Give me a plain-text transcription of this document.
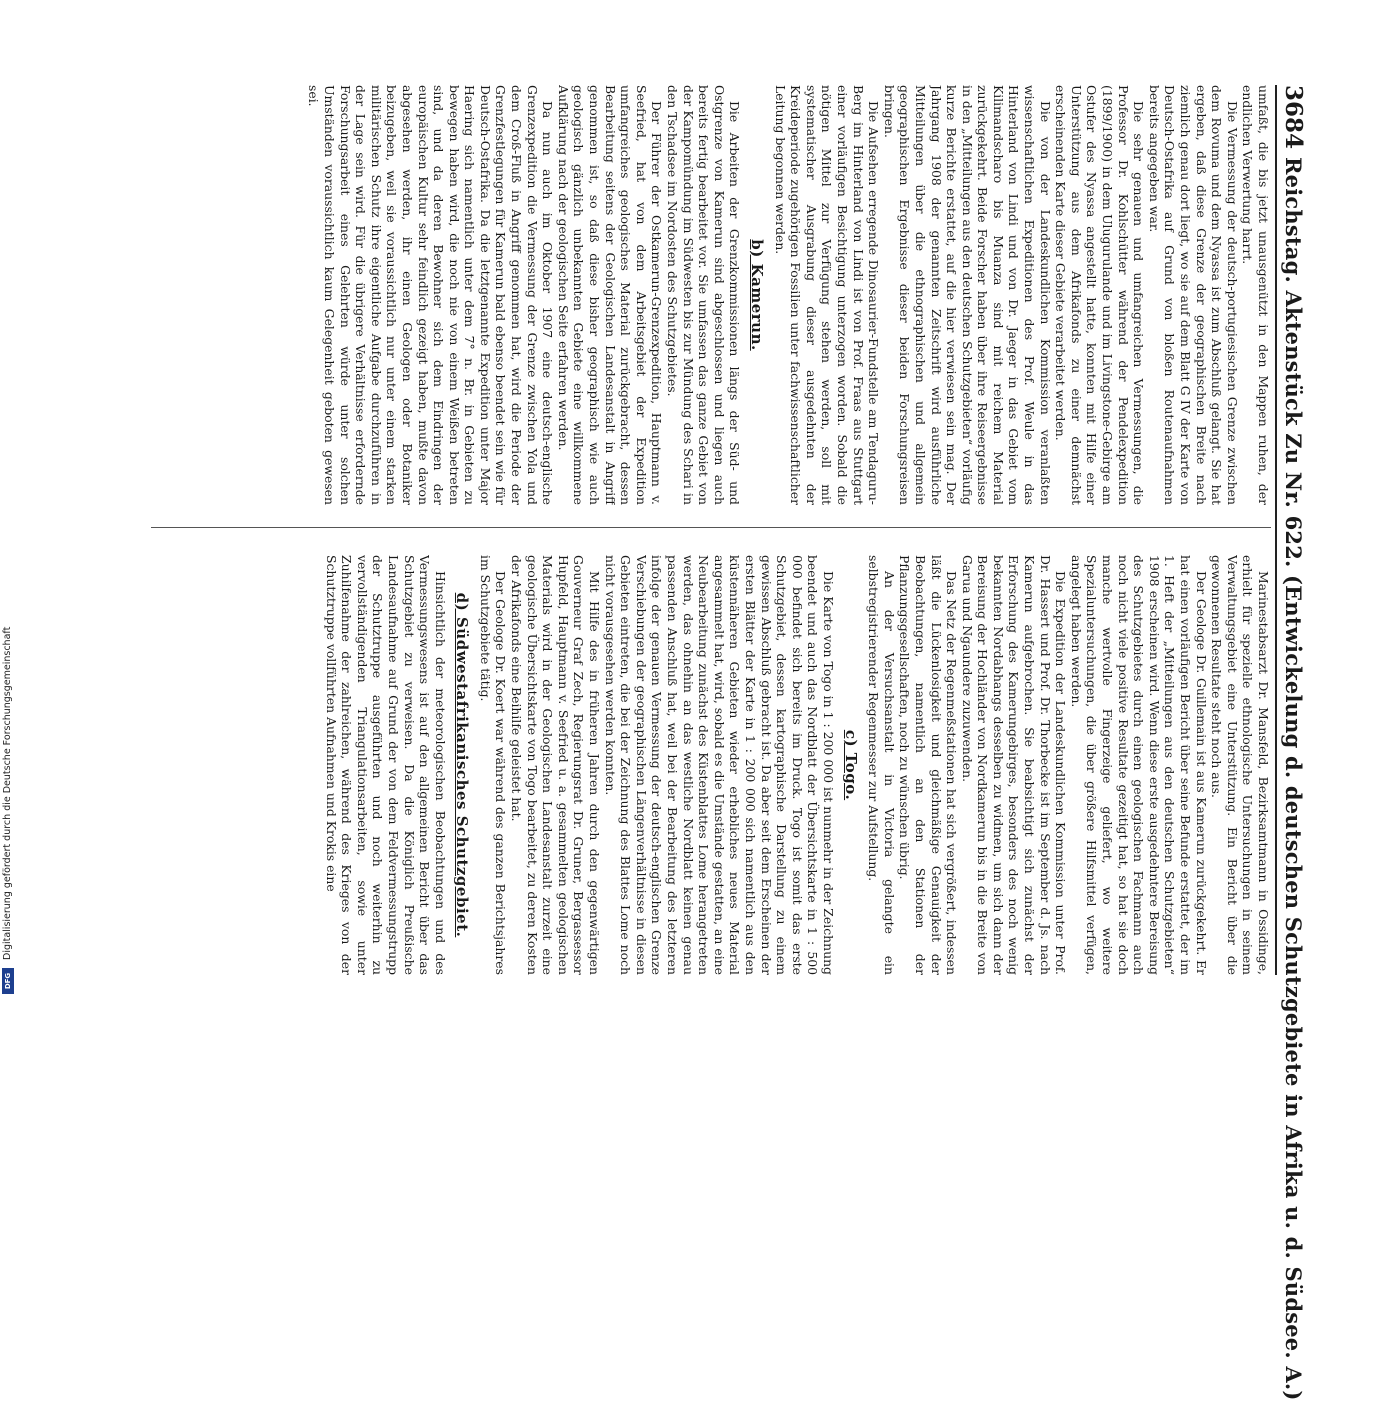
3684
Reichstag. Aktenstück Zu Nr. 622. (Entwickelung d. deutschen Schutzgebiete in Afrika u. d. Südsee. A.)

umfaßt, die bis jetzt unausgenützt in den Mappen ruhen, der endlichen Verwertung harrt.

Die Vermessung der deutsch-portugiesischen Grenze zwischen dem Rovuma und dem Nyassa ist zum Abschluß gelangt. Sie hat ergeben, daß diese Grenze der geographischen Breite nach ziemlich genau dort liegt, wo sie auf dem Blatt G IV der Karte von Deutsch-Ostafrika auf Grund von bloßen Routenaufnahmen bereits angegeben war.

Die sehr genauen und umfangreichen Vermessungen, die Professor Dr. Kohlschütter während der Pendelexpedition (1899/1900) in dem Ulugurulande und im Livingstone-Gebirge am Ostufer des Nyassa angestellt hatte, konnten mit Hilfe einer Unterstützung aus dem Afrikafonds zu einer demnächst erscheinenden Karte dieser Gebiete verarbeitet werden.

Die von der Landeskundlichen Kommission veranlaßten wissenschaftlichen Expeditionen des Prof. Weule in das Hinterland von Lindi und von Dr. Jaeger in das Gebiet vom Kilimandscharo bis Muanza sind mit reichem Material zurückgekehrt. Beide Forscher haben über ihre Reiseergebnisse in den „Mitteilungen aus den deutschen Schutzgebieten“ vorläufig kurze Berichte erstattet, auf die hier verwiesen sein mag. Der Jahrgang 1908 der genannten Zeitschrift wird ausführliche Mitteilungen über die ethnographischen und allgemein geographischen Ergebnisse dieser beiden Forschungsreisen bringen.

Die Aufsehen erregende Dinosaurier-Fundstelle am Tendaguru-Berg im Hinterland von Lindi ist von Prof. Fraas aus Stuttgart einer vorläufigen Besichtigung unterzogen worden. Sobald die nötigen Mittel zur Verfügung stehen werden, soll mit systematischer Ausgrabung dieser ausgedehnten der Kreideperiode zugehörigen Fossilien unter fachwissenschaftlicher Leitung begonnen werden.

b) Kamerun.

Die Arbeiten der Grenzkommissionen längs der Süd- und Ostgrenze von Kamerun sind abgeschlossen und liegen auch bereits fertig bearbeitet vor. Sie umfassen das ganze Gebiet von der Kampomündung im Südwesten bis zur Mündung des Schari in den Tschadsee im Nordosten des Schutzgebietes.

Der Führer der Ostkamerun-Grenzexpedition, Hauptmann v. Seefried, hat von dem Arbeitsgebiet der Expedition umfangreiches geologisches Material zurückgebracht, dessen Bearbeitung seitens der Geologischen Landesanstalt in Angriff genommen ist, so daß diese bisher geographisch wie auch geologisch gänzlich unbekannten Gebiete eine willkommene Aufklärung nach der geologischen Seite erfahren werden.

Da nun auch im Oktober 1907 eine deutsch-englische Grenzexpedition die Vermessung der Grenze zwischen Yola und dem Croß-Fluß in Angriff genommen hat, wird die Periode der Grenzfestlegungen für Kamerun bald ebenso beendet sein wie für Deutsch-Ostafrika. Da die letztgenannte Expedition unter Major Haering sich namentlich unter dem 7° n. Br. in Gebieten zu bewegen haben wird, die noch nie von einem Weißen betreten sind, und da deren Bewohner sich dem Eindringen der europäischen Kultur sehr feindlich gezeigt haben, mußte davon abgesehen werden, ihr einen Geologen oder Botaniker beizugeben, weil sie voraussichtlich nur unter einem starken militärischen Schutz ihre eigentliche Aufgabe durchzuführen in der Lage sein wird. Für die übrigere Verhältnisse erfordernde Forschungsarbeit eines Gelehrten würde unter solchen Umständen voraussichtlich kaum Gelegenheit geboten gewesen sei.

Marinestabsarzt Dr. Mansfeld, Bezirksamtmann in Ossidinge, erhielt für spezielle ethnologische Untersuchungen in seinem Verwaltungsgebiet eine Unterstützung. Ein Bericht über die gewonnenen Resultate steht noch aus.

Der Geologe Dr. Guillemain ist aus Kamerun zurückgekehrt. Er hat einen vorläufigen Bericht über seine Befunde erstattet, der im 1. Heft der „Mitteilungen aus den deutschen Schutzgebieten“ 1908 erscheinen wird. Wenn diese erste ausgedehntere Bereisung des Schutzgebietes durch einen geologischen Fachmann auch noch nicht viele positive Resultate gezeitigt hat, so hat sie doch manche wertvolle Fingerzeige geliefert, wo weitere Spezialuntersuchungen, die über größere Hilfsmittel verfügen, angelegt haben werden.

Die Expedition der Landeskundlichen Kommission unter Prof. Dr. Hassert und Prof. Dr. Thorbecke ist im September d. Js. nach Kamerun aufgebrochen. Sie beabsichtigt sich zunächst der Erforschung des Kamerungebirges, besonders des noch wenig bekannten Nordabhangs desselben zu widmen, um sich dann der Bereisung der Hochländer von Nordkamerun bis in die Breite von Garua und Ngaundere zuzuwenden.

Das Netz der Regenmeßstationen hat sich vergrößert, indessen läßt die Lückenlosigkeit und gleichmäßige Genauigkeit der Beobachtungen, namentlich an den Stationen der Pflanzungsgesellschaften, noch zu wünschen übrig.

An der Versuchsanstalt in Victoria gelangte ein selbstregistrierender Regenmesser zur Aufstellung.

c) Togo.

Die Karte von Togo in 1 : 200 000 ist nunmehr in der Zeichnung beendet und auch das Nordblatt der Übersichtskarte in 1 : 500 000 befindet sich bereits im Druck. Togo ist somit das erste Schutzgebiet, dessen kartographische Darstellung zu einem gewissen Abschluß gebracht ist. Da aber seit dem Erscheinen der ersten Blätter der Karte in 1 : 200 000 sich namentlich aus den küstennäheren Gebieten wieder erhebliches neues Material angesammelt hat, wird, sobald es die Umstände gestatten, an eine Neubearbeitung zunächst des Küstenblattes Lome herangetreten werden, das ohnehin an das westliche Nordblatt keinen genau passenden Anschluß hat, weil bei der Bearbeitung des letzteren infolge der genauen Vermessung der deutsch-englischen Grenze Verschiebungen der geographischen Längenverhältnisse in diesen Gebieten eintreten, die bei der Zeichnung des Blattes Lome noch nicht vorausgesehen werden konnten.

Mit Hilfe des in früheren Jahren durch den gegenwärtigen Gouverneur Graf Zech, Regierungsrat Dr. Gruner, Bergassessor Hupfeld, Hauptmann v. Seefried u. a. gesammelten geologischen Materials wird in der Geologischen Landesanstalt zurzeit eine geologische Übersichtskarte von Togo bearbeitet, zu deren Kosten der Afrikafonds eine Beihilfe geleistet hat.

Der Geologe Dr. Koert war während des ganzen Berichtsjahres im Schutzgebiete tätig.

d) Südwestafrikanisches Schutzgebiet.

Hinsichtlich der meteorologischen Beobachtungen und des Vermessungswesens ist auf den allgemeinen Bericht über das Schutzgebiet zu verweisen. Da die Königlich Preußische Landesaufnahme auf Grund der von dem Feldvermessungstrupp der Schutztruppe ausgeführten und noch weiterhin zu vervollständigenden Triangulationsarbeiten, sowie unter Zuhilfenahme der zahlreichen, während des Krieges von der Schutztruppe vollführten Aufnahmen und Krokis eine

Digitalisierung gefördert durch die Deutsche Forschungsgemeinschaft
DFG
